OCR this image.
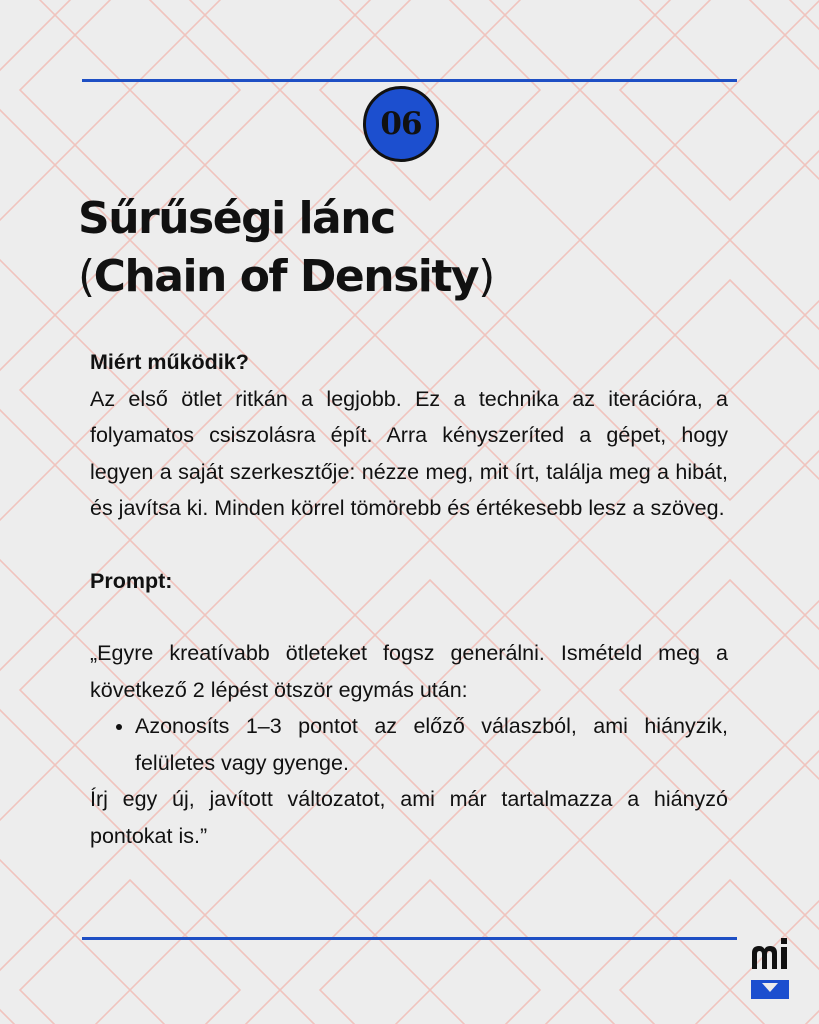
06
Sűrűségi lánc
(Chain of Density)

Miért működik?

Az első ötlet ritkán a legjobb. Ez a technika az iterációra, a folyamatos csiszolásra épít. Arra kényszeríted a gépet, hogy legyen a saját szerkesztője: nézze meg, mit írt, találja meg a hibát, és javítsa ki. Minden körrel tömörebb és értékesebb lesz a szöveg.

Prompt:

„Egyre kreatívabb ötleteket fogsz generálni. Ismételd meg a következő 2 lépést ötször egymás után:

• Azonosíts 1–3 pontot az előző válaszból, ami hiányzik, felületes vagy gyenge.

Írj egy új, javított változatot, ami már tartalmazza a hiányzó pontokat is.”
